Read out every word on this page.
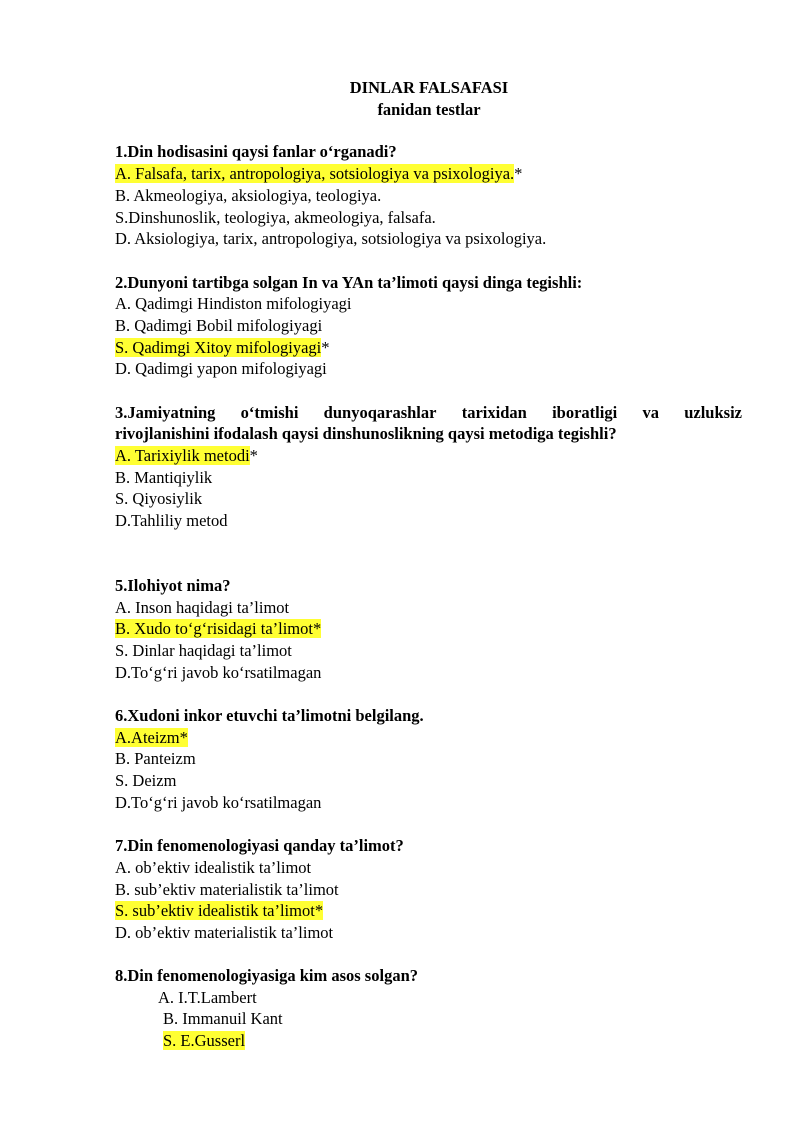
DINLAR FALSAFASI
fanidan testlar
1.Din hodisasini qaysi fanlar o‘rganadi?
A. Falsafa, tarix, antropologiya, sotsiologiya va psixologiya.*
B. Akmeologiya, aksiologiya, teologiya.
S.Dinshunoslik, teologiya, akmeologiya, falsafa.
D. Aksiologiya, tarix, antropologiya, sotsiologiya va psixologiya.
2.Dunyoni tartibga solgan In va YAn ta’limoti qaysi dinga tegishli:
A. Qadimgi Hindiston mifologiyagi
B. Qadimgi Bobil mifologiyagi
S. Qadimgi Xitoy mifologiyagi*
D. Qadimgi yapon mifologiyagi
3.Jamiyatning o‘tmishi dunyoqarashlar tarixidan iboratligi va uzluksiz
rivojlanishini ifodalash qaysi dinshunoslikning qaysi metodiga tegishli?
A. Tarixiylik metodi*
B. Mantiqiylik
S. Qiyosiylik
D.Tahliliy metod
5.Ilohiyot nima?
A. Inson haqidagi ta’limot
B. Xudo to‘g‘risidagi ta’limot*
S. Dinlar haqidagi ta’limot
D.To‘g‘ri javob ko‘rsatilmagan
6.Xudoni inkor etuvchi ta’limotni belgilang.
A.Ateizm*
B. Panteizm
S. Deizm
D.To‘g‘ri javob ko‘rsatilmagan
7.Din fenomenologiyasi qanday ta’limot?
A. ob’ektiv idealistik ta’limot
B. sub’ektiv materialistik ta’limot
S. sub’ektiv idealistik ta’limot*
D. ob’ektiv materialistik ta’limot
8.Din fenomenologiyasiga kim asos solgan?
A. I.T.Lambert
B. Immanuil Kant
S. E.Gusserl
